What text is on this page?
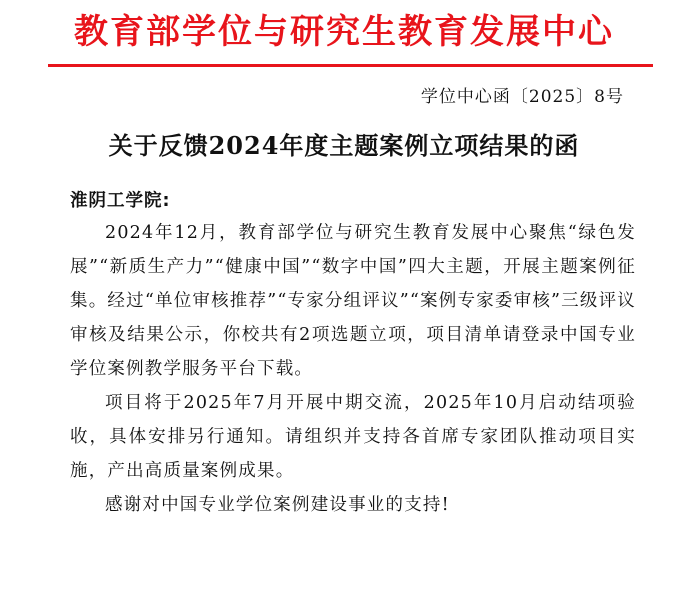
教育部学位与研究生教育发展中心
学位中心函〔2025〕8号
关于反馈2024年度主题案例立项结果的函
淮阴工学院:

2024年12月，教育部学位与研究生教育发展中心聚焦“绿色发展”“新质生产力”“健康中国”“数字中国”四大主题，开展主题案例征集。经过“单位审核推荐”“专家分组评议”“案例专家委审核”三级评议审核及结果公示，你校共有2项选题立项，项目清单请登录中国专业学位案例教学服务平台下载。

项目将于2025年7月开展中期交流，2025年10月启动结项验收，具体安排另行通知。请组织并支持各首席专家团队推动项目实施，产出高质量案例成果。

感谢对中国专业学位案例建设事业的支持!
